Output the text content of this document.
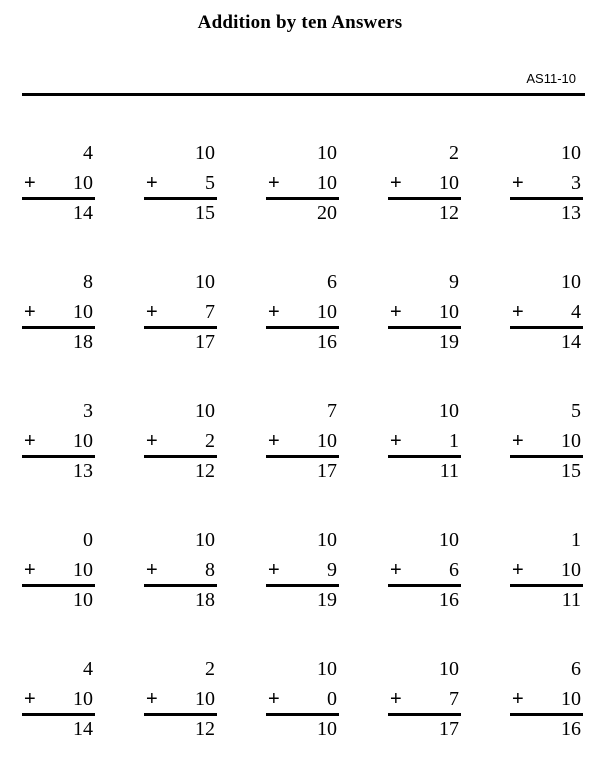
Addition by ten Answers
AS11-10
4
+ 10
14
10
+ 5
15
10
+ 10
20
2
+ 10
12
10
+ 3
13
8
+ 10
18
10
+ 7
17
6
+ 10
16
9
+ 10
19
10
+ 4
14
3
+ 10
13
10
+ 2
12
7
+ 10
17
10
+ 1
11
5
+ 10
15
0
+ 10
10
10
+ 8
18
10
+ 9
19
10
+ 6
16
1
+ 10
11
4
+ 10
14
2
+ 10
12
10
+ 0
10
10
+ 7
17
6
+ 10
16
